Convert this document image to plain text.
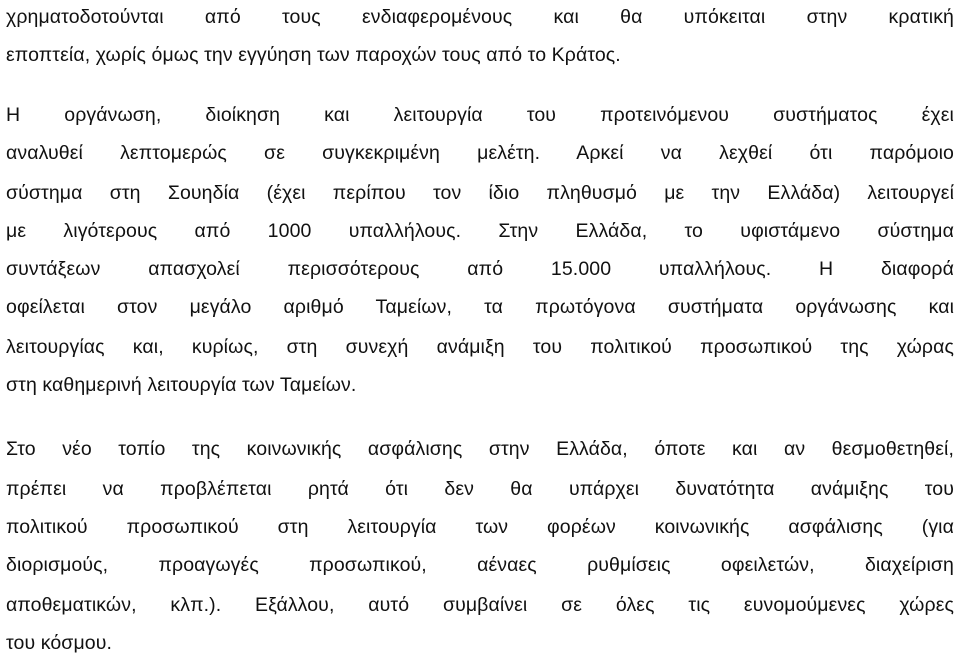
χρηματοδοτούνται από τους ενδιαφερομένους και θα υπόκειται στην κρατική
εποπτεία, χωρίς όμως την εγγύηση των παροχών τους από το Κράτος.
Η οργάνωση, διοίκηση και λειτουργία του προτεινόμενου συστήματος έχει
αναλυθεί λεπτομερώς σε συγκεκριμένη μελέτη. Αρκεί να λεχθεί ότι παρόμοιο
σύστημα στη Σουηδία (έχει περίπου τον ίδιο πληθυσμό με την Ελλάδα) λειτουργεί
με λιγότερους από 1000 υπαλλήλους. Στην Ελλάδα, το υφιστάμενο σύστημα
συντάξεων απασχολεί περισσότερους από 15.000 υπαλλήλους. Η διαφορά
οφείλεται στον μεγάλο αριθμό Ταμείων, τα πρωτόγονα συστήματα οργάνωσης και
λειτουργίας και, κυρίως, στη συνεχή ανάμιξη του πολιτικού προσωπικού της χώρας
στη καθημερινή λειτουργία των Ταμείων.
Στο νέο τοπίο της κοινωνικής ασφάλισης στην Ελλάδα, όποτε και αν θεσμοθετηθεί,
πρέπει να προβλέπεται ρητά ότι δεν θα υπάρχει δυνατότητα ανάμιξης του
πολιτικού προσωπικού στη λειτουργία των φορέων κοινωνικής ασφάλισης (για
διορισμούς, προαγωγές προσωπικού, αέναες ρυθμίσεις οφειλετών, διαχείριση
αποθεματικών, κλπ.). Εξάλλου, αυτό συμβαίνει σε όλες τις ευνομούμενες χώρες
του κόσμου.
